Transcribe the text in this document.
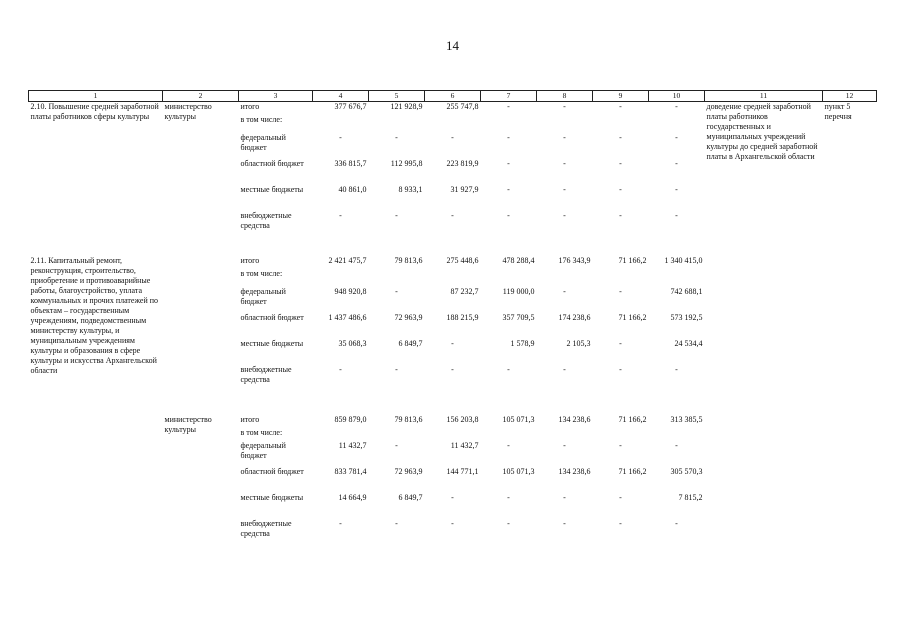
14
1	2	3	4	5	6	7	8	9	10	11	12
2.10. Повышение средней заработной платы работников сферы культуры	министерство культуры	итого	377 676,7	121 928,9	255 747,8	-	-	-	-	доведение средней заработной платы работников государственных и муниципальных учреждений культуры до средней заработной платы в Архангельской области	пункт 5 перечня
		в том числе:									
		федеральный бюджет	-	-	-	-	-	-	-		
		областной бюджет	336 815,7	112 995,8	223 819,9	-	-	-	-		
		местные бюджеты	40 861,0	8 933,1	31 927,9	-	-	-	-		
		внебюджетные средства	-	-	-	-	-	-	-		

2.11. Капитальный ремонт, реконструкция, строительство, приобретение и противоаварийные работы, благоустройство, уплата коммунальных и прочих платежей по объектам – государственным учреждениям, подведомственным министерству культуры, и муниципальным учреждениям культуры и образования в сфере культуры и искусства Архангельской области		итого	2 421 475,7	79 813,6	275 448,6	478 288,4	176 343,9	71 166,2	1 340 415,0		
		в том числе:									
		федеральный бюджет	948 920,8	-	87 232,7	119 000,0	-	-	742 688,1		
		областной бюджет	1 437 486,6	72 963,9	188 215,9	357 709,5	174 238,6	71 166,2	573 192,5		
		местные бюджеты	35 068,3	6 849,7	-	1 578,9	2 105,3	-	24 534,4		
		внебюджетные средства	-	-	-	-	-	-	-		

	министерство культуры	итого	859 879,0	79 813,6	156 203,8	105 071,3	134 238,6	71 166,2	313 385,5		
		в том числе:									
		федеральный бюджет	11 432,7	-	11 432,7	-	-	-	-		
		областной бюджет	833 781,4	72 963,9	144 771,1	105 071,3	134 238,6	71 166,2	305 570,3		
		местные бюджеты	14 664,9	6 849,7	-	-	-	-	7 815,2		
		внебюджетные средства	-	-	-	-	-	-	-		
